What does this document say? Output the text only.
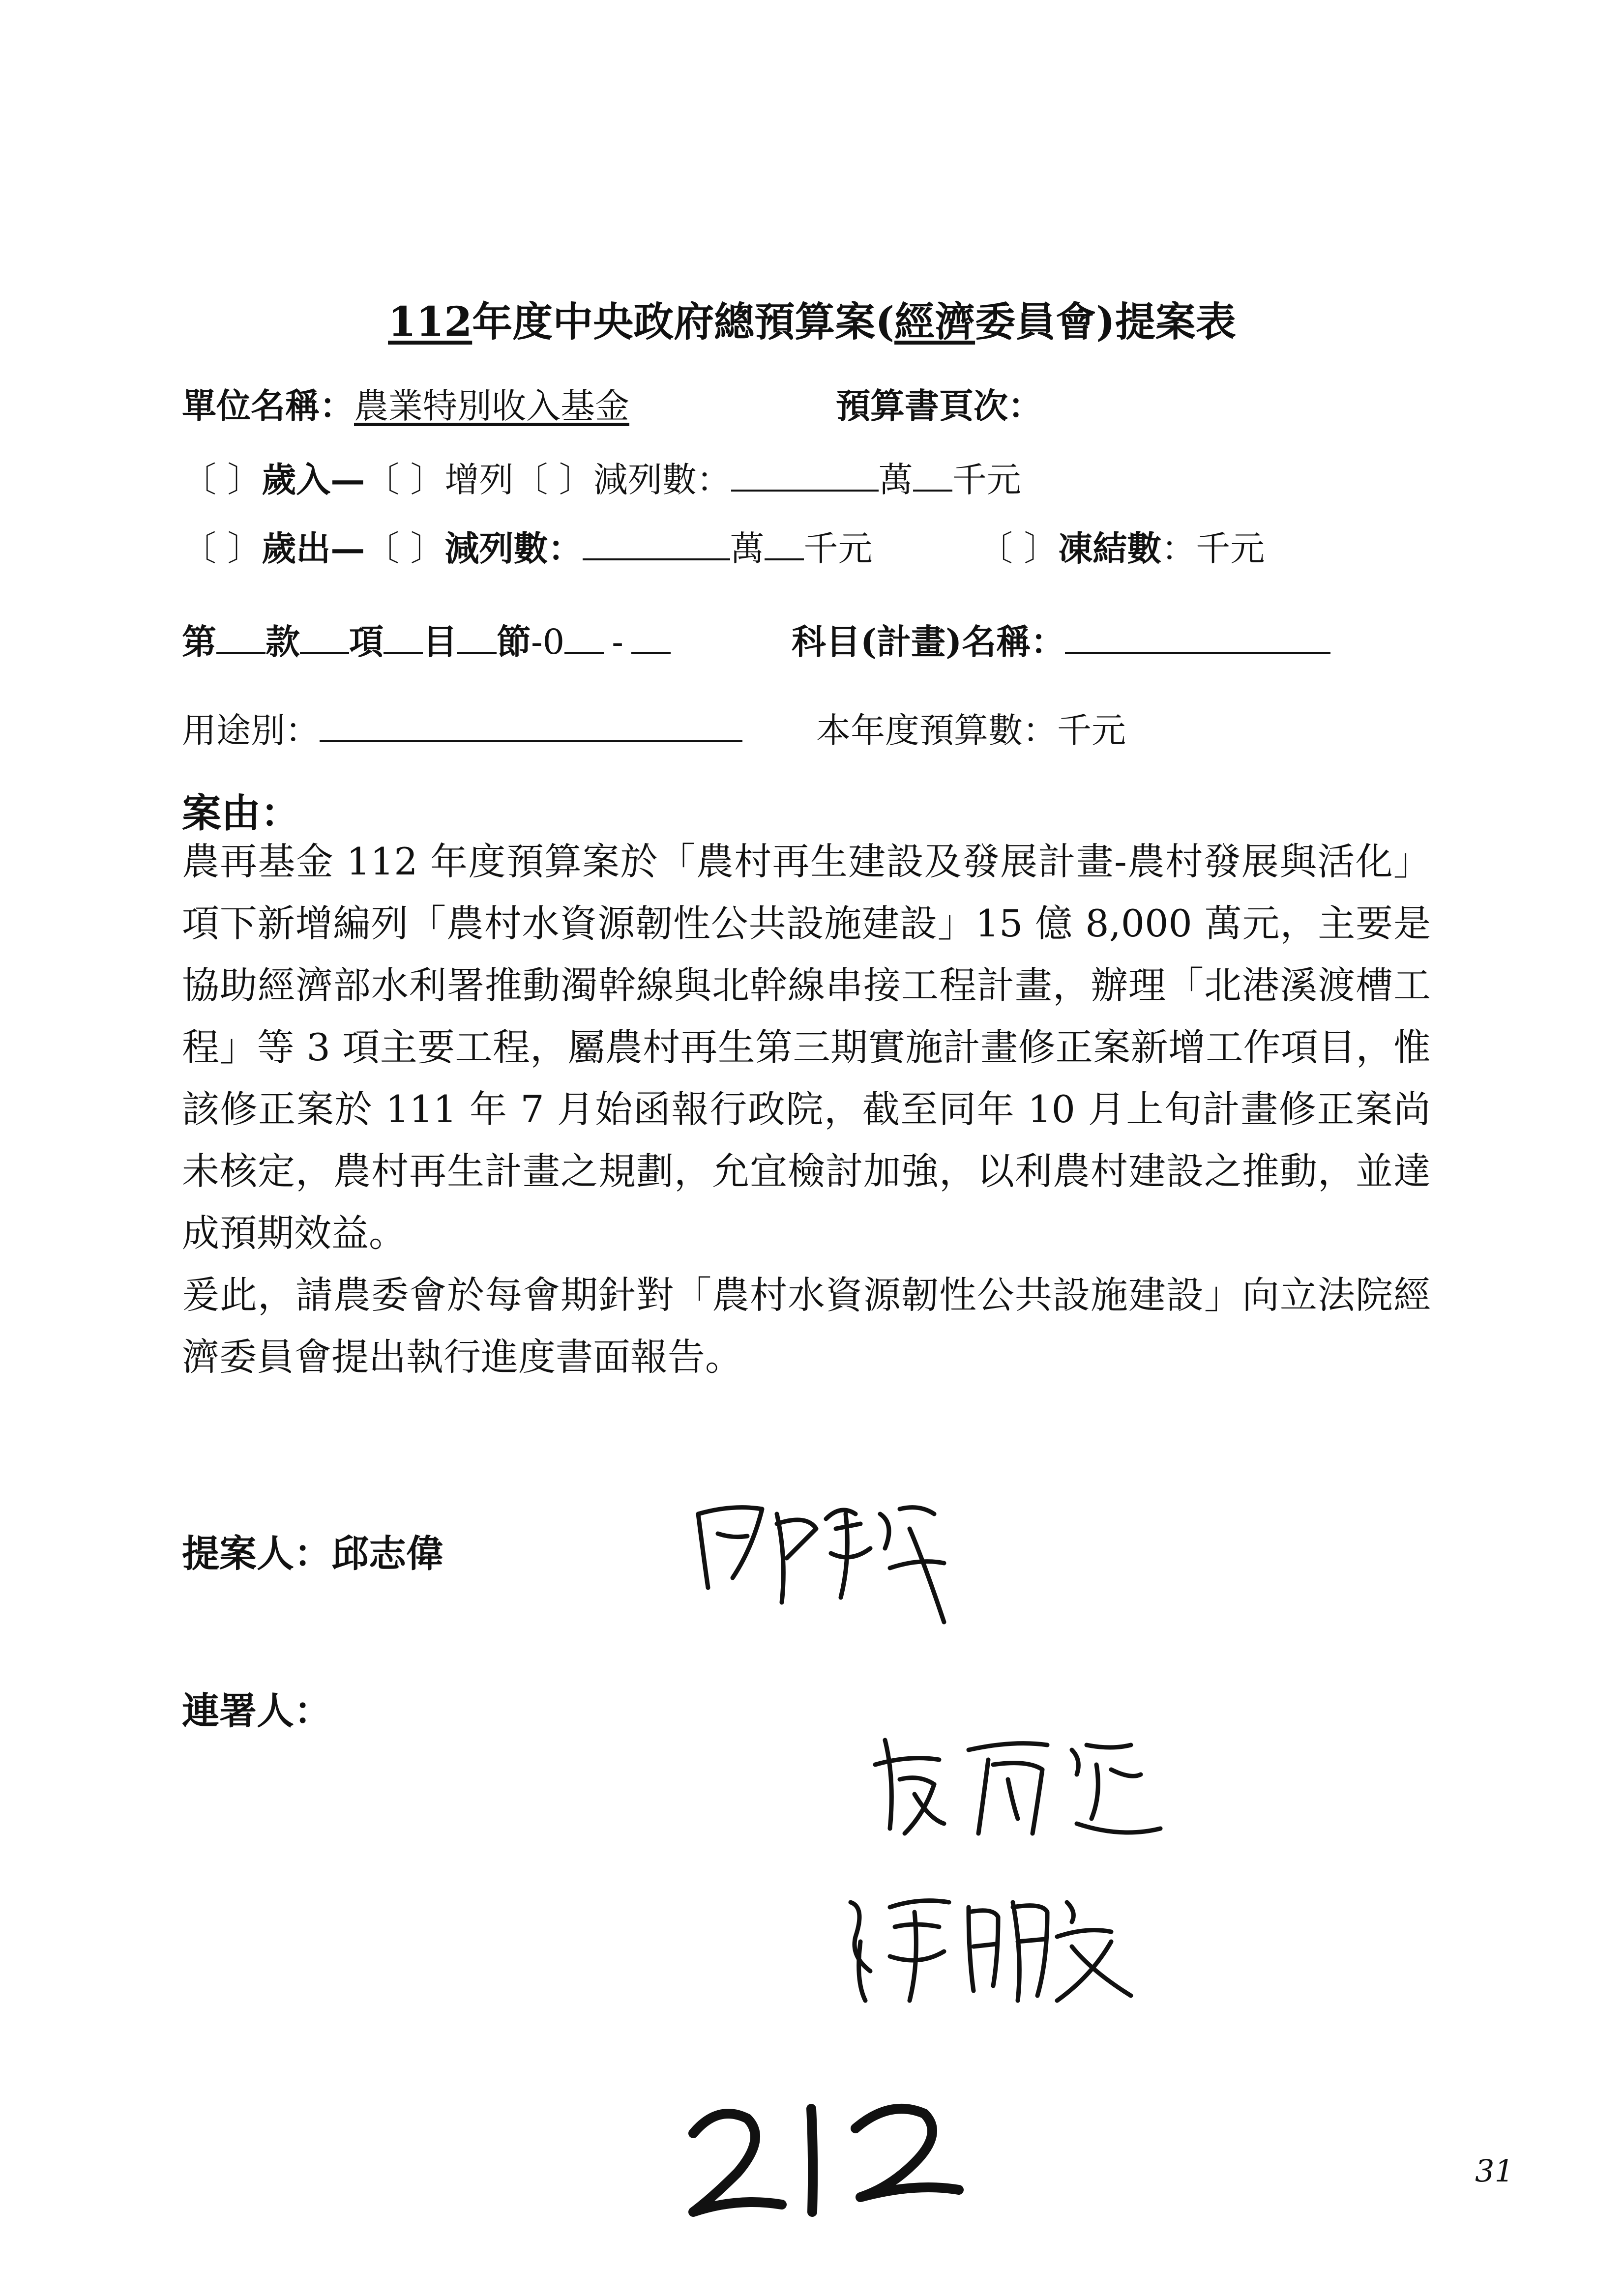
112年度中央政府總預算案(經濟委員會)提案表
單位名稱：農業特別收入基金	預算書頁次：
〔 〕歲入—〔 〕增列〔 〕減列數：	萬 千元
〔 〕歲出—〔 〕減列數：	萬 千元	〔 〕凍結數：千元
第 款 項 目 節-0 -	科目(計畫)名稱：
用途別：	本年度預算數：千元
案由：

農再基金 112 年度預算案於「農村再生建設及發展計畫-農村發展與活化」項下新增編列「農村水資源韌性公共設施建設」15 億 8,000 萬元，主要是協助經濟部水利署推動濁幹線與北幹線串接工程計畫，辦理「北港溪渡槽工程」等 3 項主要工程，屬農村再生第三期實施計畫修正案新增工作項目，惟該修正案於 111 年 7 月始函報行政院，截至同年 10 月上旬計畫修正案尚未核定，農村再生計畫之規劃，允宜檢討加強，以利農村建設之推動，並達成預期效益。

爰此，請農委會於每會期針對「農村水資源韌性公共設施建設」向立法院經濟委員會提出執行進度書面報告。

提案人：邱志偉
連署人：
31
